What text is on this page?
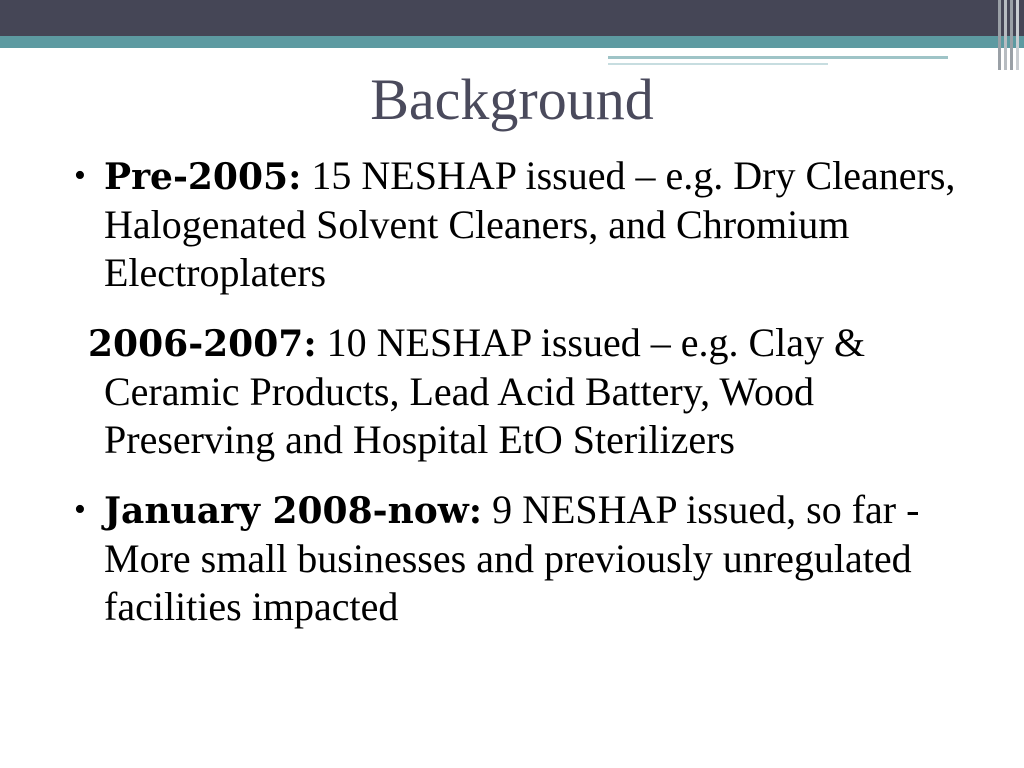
Background
• Pre-2005: 15 NESHAP issued – e.g. Dry Cleaners, Halogenated Solvent Cleaners, and Chromium Electroplaters
2006-2007: 10 NESHAP issued – e.g. Clay & Ceramic Products, Lead Acid Battery, Wood Preserving and Hospital EtO Sterilizers
• January 2008-now: 9 NESHAP issued, so far - More small businesses and previously unregulated facilities impacted
